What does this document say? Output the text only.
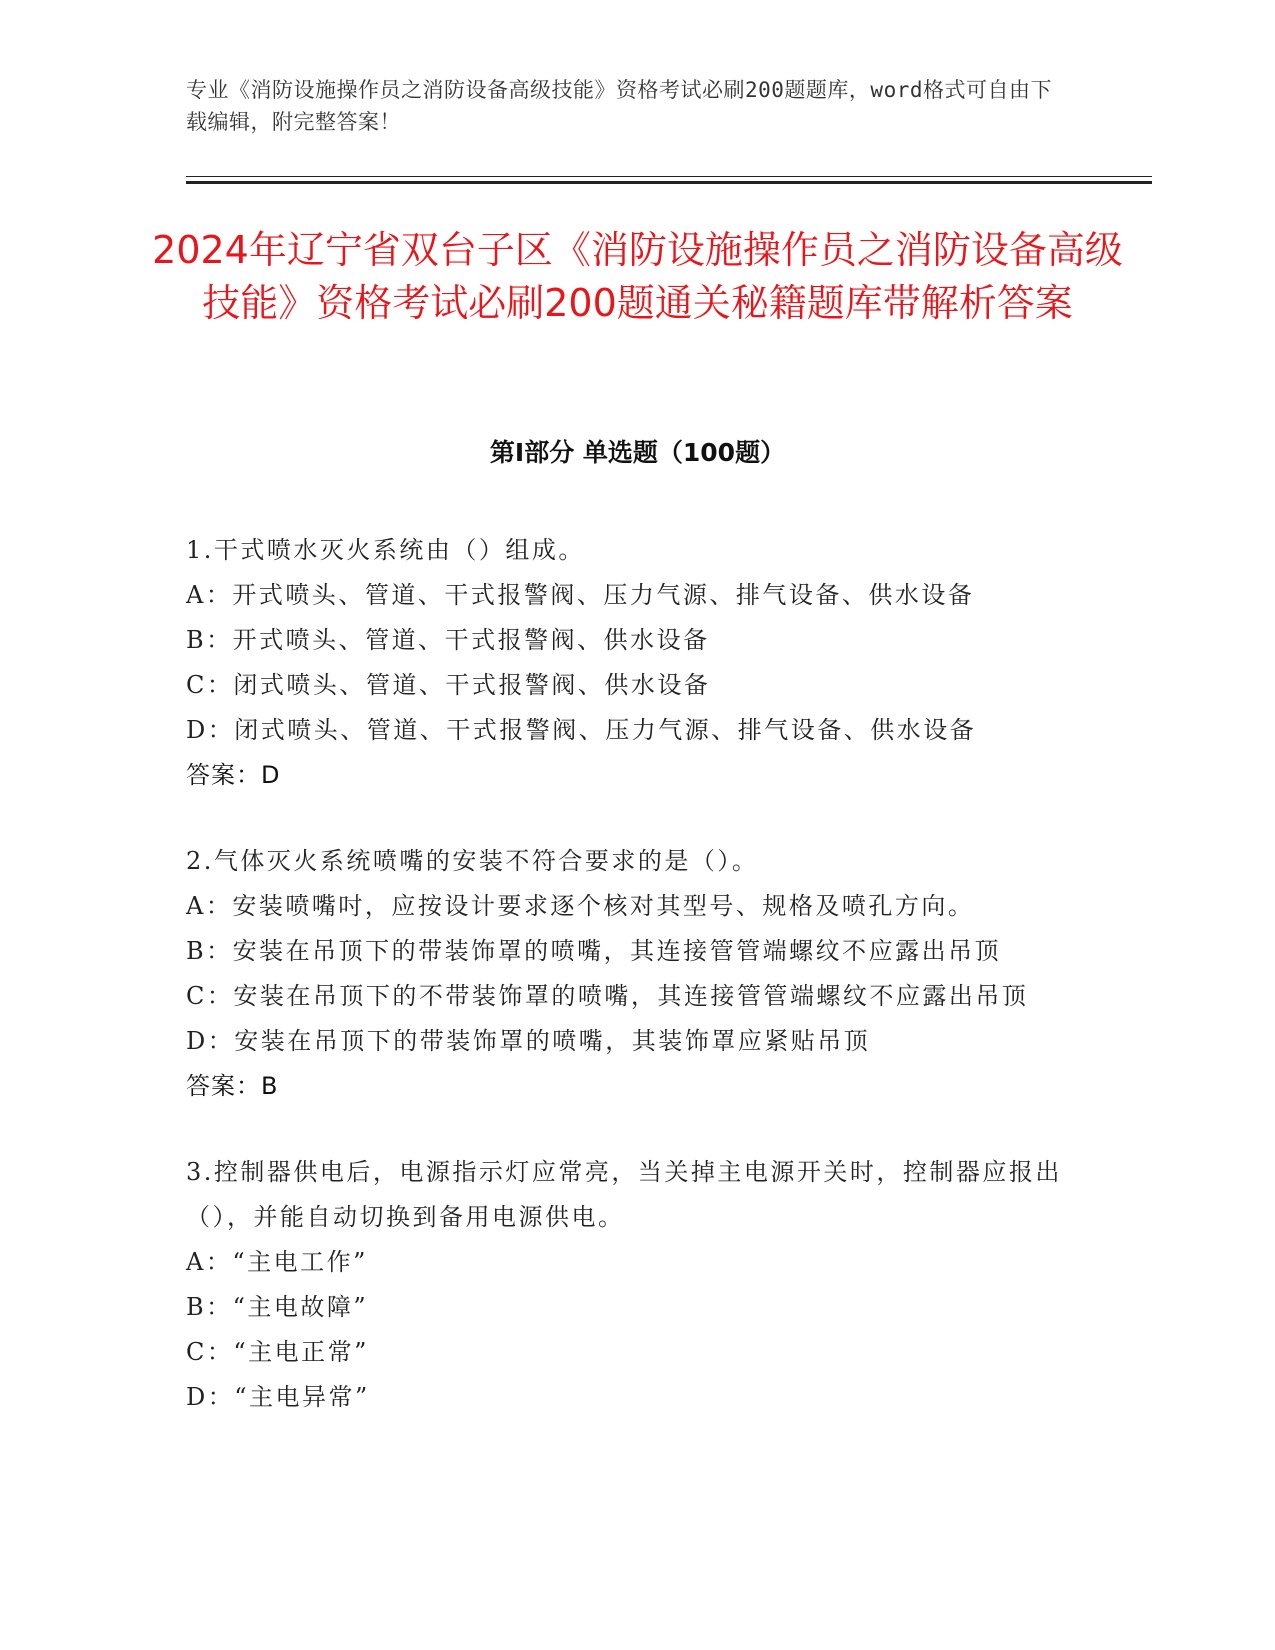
专业《消防设施操作员之消防设备高级技能》资格考试必刷200题题库，word格式可自由下载编辑，附完整答案！
2024年辽宁省双台子区《消防设施操作员之消防设备高级技能》资格考试必刷200题通关秘籍题库带解析答案
第I部分 单选题（100题）
1.干式喷水灭火系统由（）组成。
A：开式喷头、管道、干式报警阀、压力气源、排气设备、供水设备
B：开式喷头、管道、干式报警阀、供水设备
C：闭式喷头、管道、干式报警阀、供水设备
D：闭式喷头、管道、干式报警阀、压力气源、排气设备、供水设备
答案：D
2.气体灭火系统喷嘴的安装不符合要求的是（）。
A：安装喷嘴吋，应按设计要求逐个核对其型号、规格及喷孔方向。
B：安装在吊顶下的带装饰罩的喷嘴，其连接管管端螺纹不应露出吊顶
C：安装在吊顶下的不带装饰罩的喷嘴，其连接管管端螺纹不应露出吊顶
D：安装在吊顶下的带装饰罩的喷嘴，其装饰罩应紧贴吊顶
答案：B
3.控制器供电后，电源指示灯应常亮，当关掉主电源开关时，控制器应报出（），并能自动切换到备用电源供电。
A：“主电工作”
B：“主电故障”
C：“主电正常”
D：“主电异常”
